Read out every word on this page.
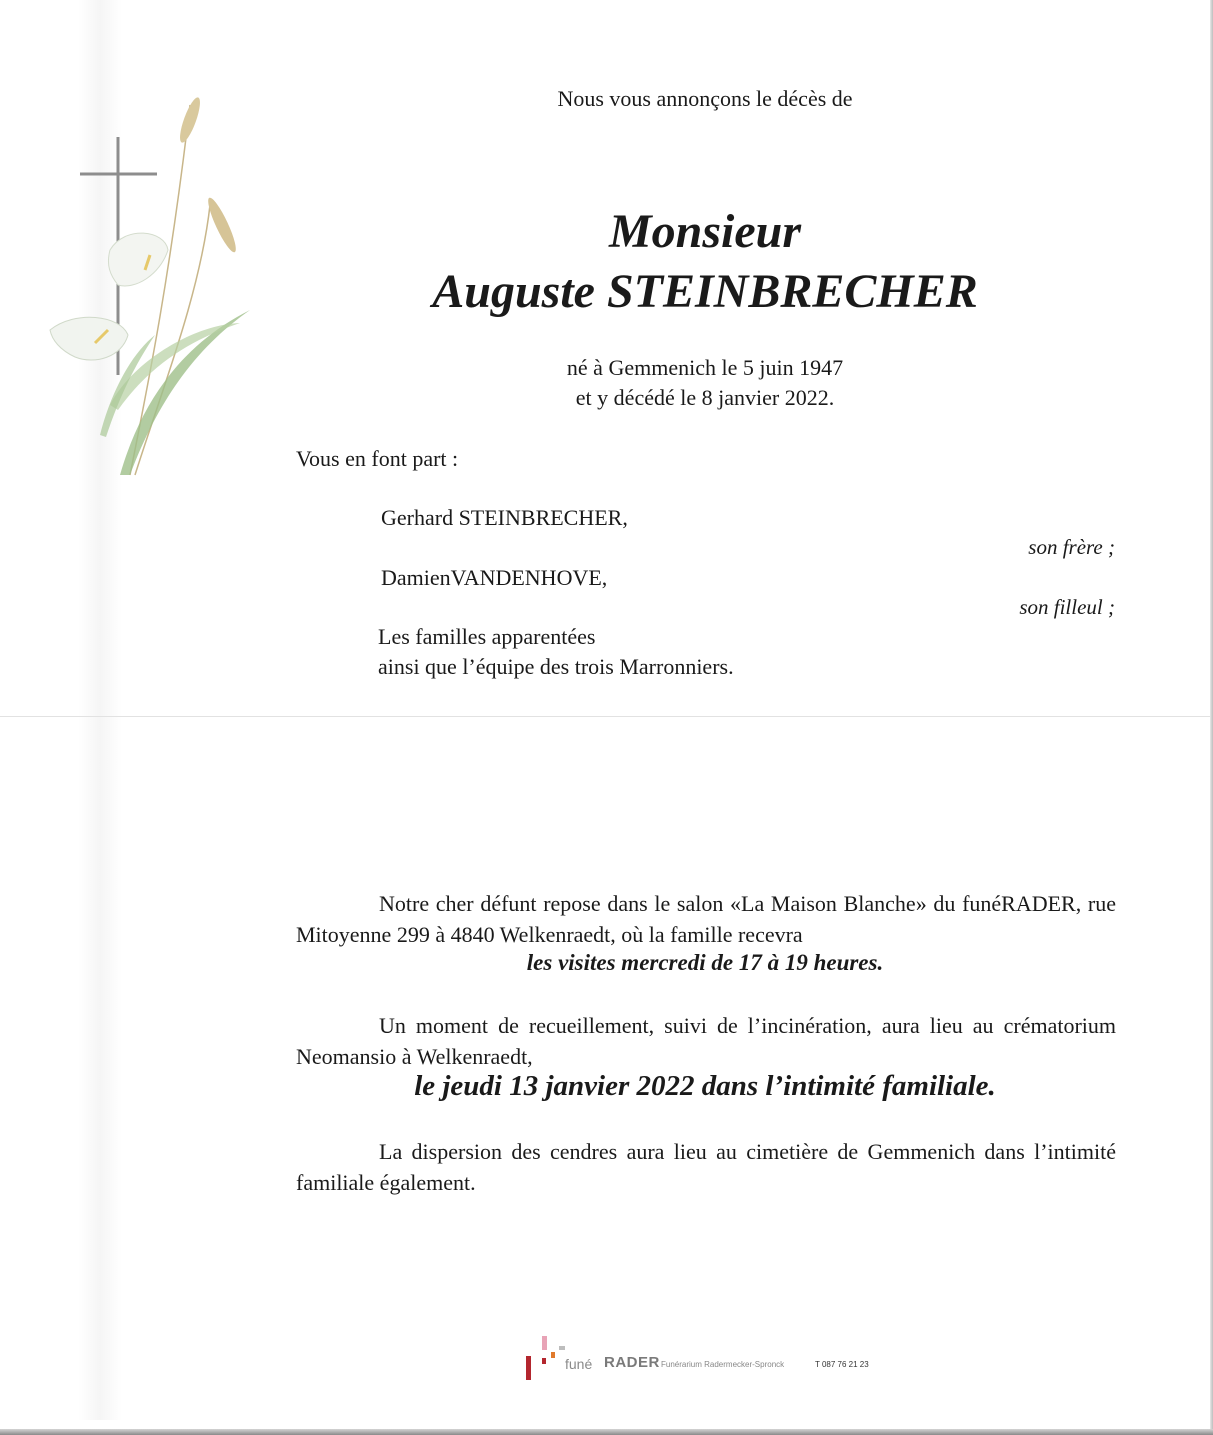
Nous vous annonçons le décès de
Monsieur
Auguste STEINBRECHER
né à Gemmenich le 5 juin 1947
et y décédé le 8 janvier 2022.
Vous en font part :
Gerhard STEINBRECHER,
son frère ;
DamienVANDENHOVE,
son filleul ;
Les familles apparentées
ainsi que l’équipe des trois Marronniers.
Notre cher défunt repose dans le salon «La Maison Blanche» du funéRADER, rue Mitoyenne 299 à 4840 Welkenraedt, où la famille recevra
les visites mercredi de 17 à 19 heures.
Un moment de recueillement, suivi de l’incinération, aura lieu au crématorium Neomansio à Welkenraedt,
le jeudi 13 janvier 2022 dans l’intimité familiale.
La dispersion des cendres aura lieu au cimetière de Gemmenich dans l’intimité familiale également.
funé RADER Funérarium Radermecker-Spronck	T 087 76 21 23
